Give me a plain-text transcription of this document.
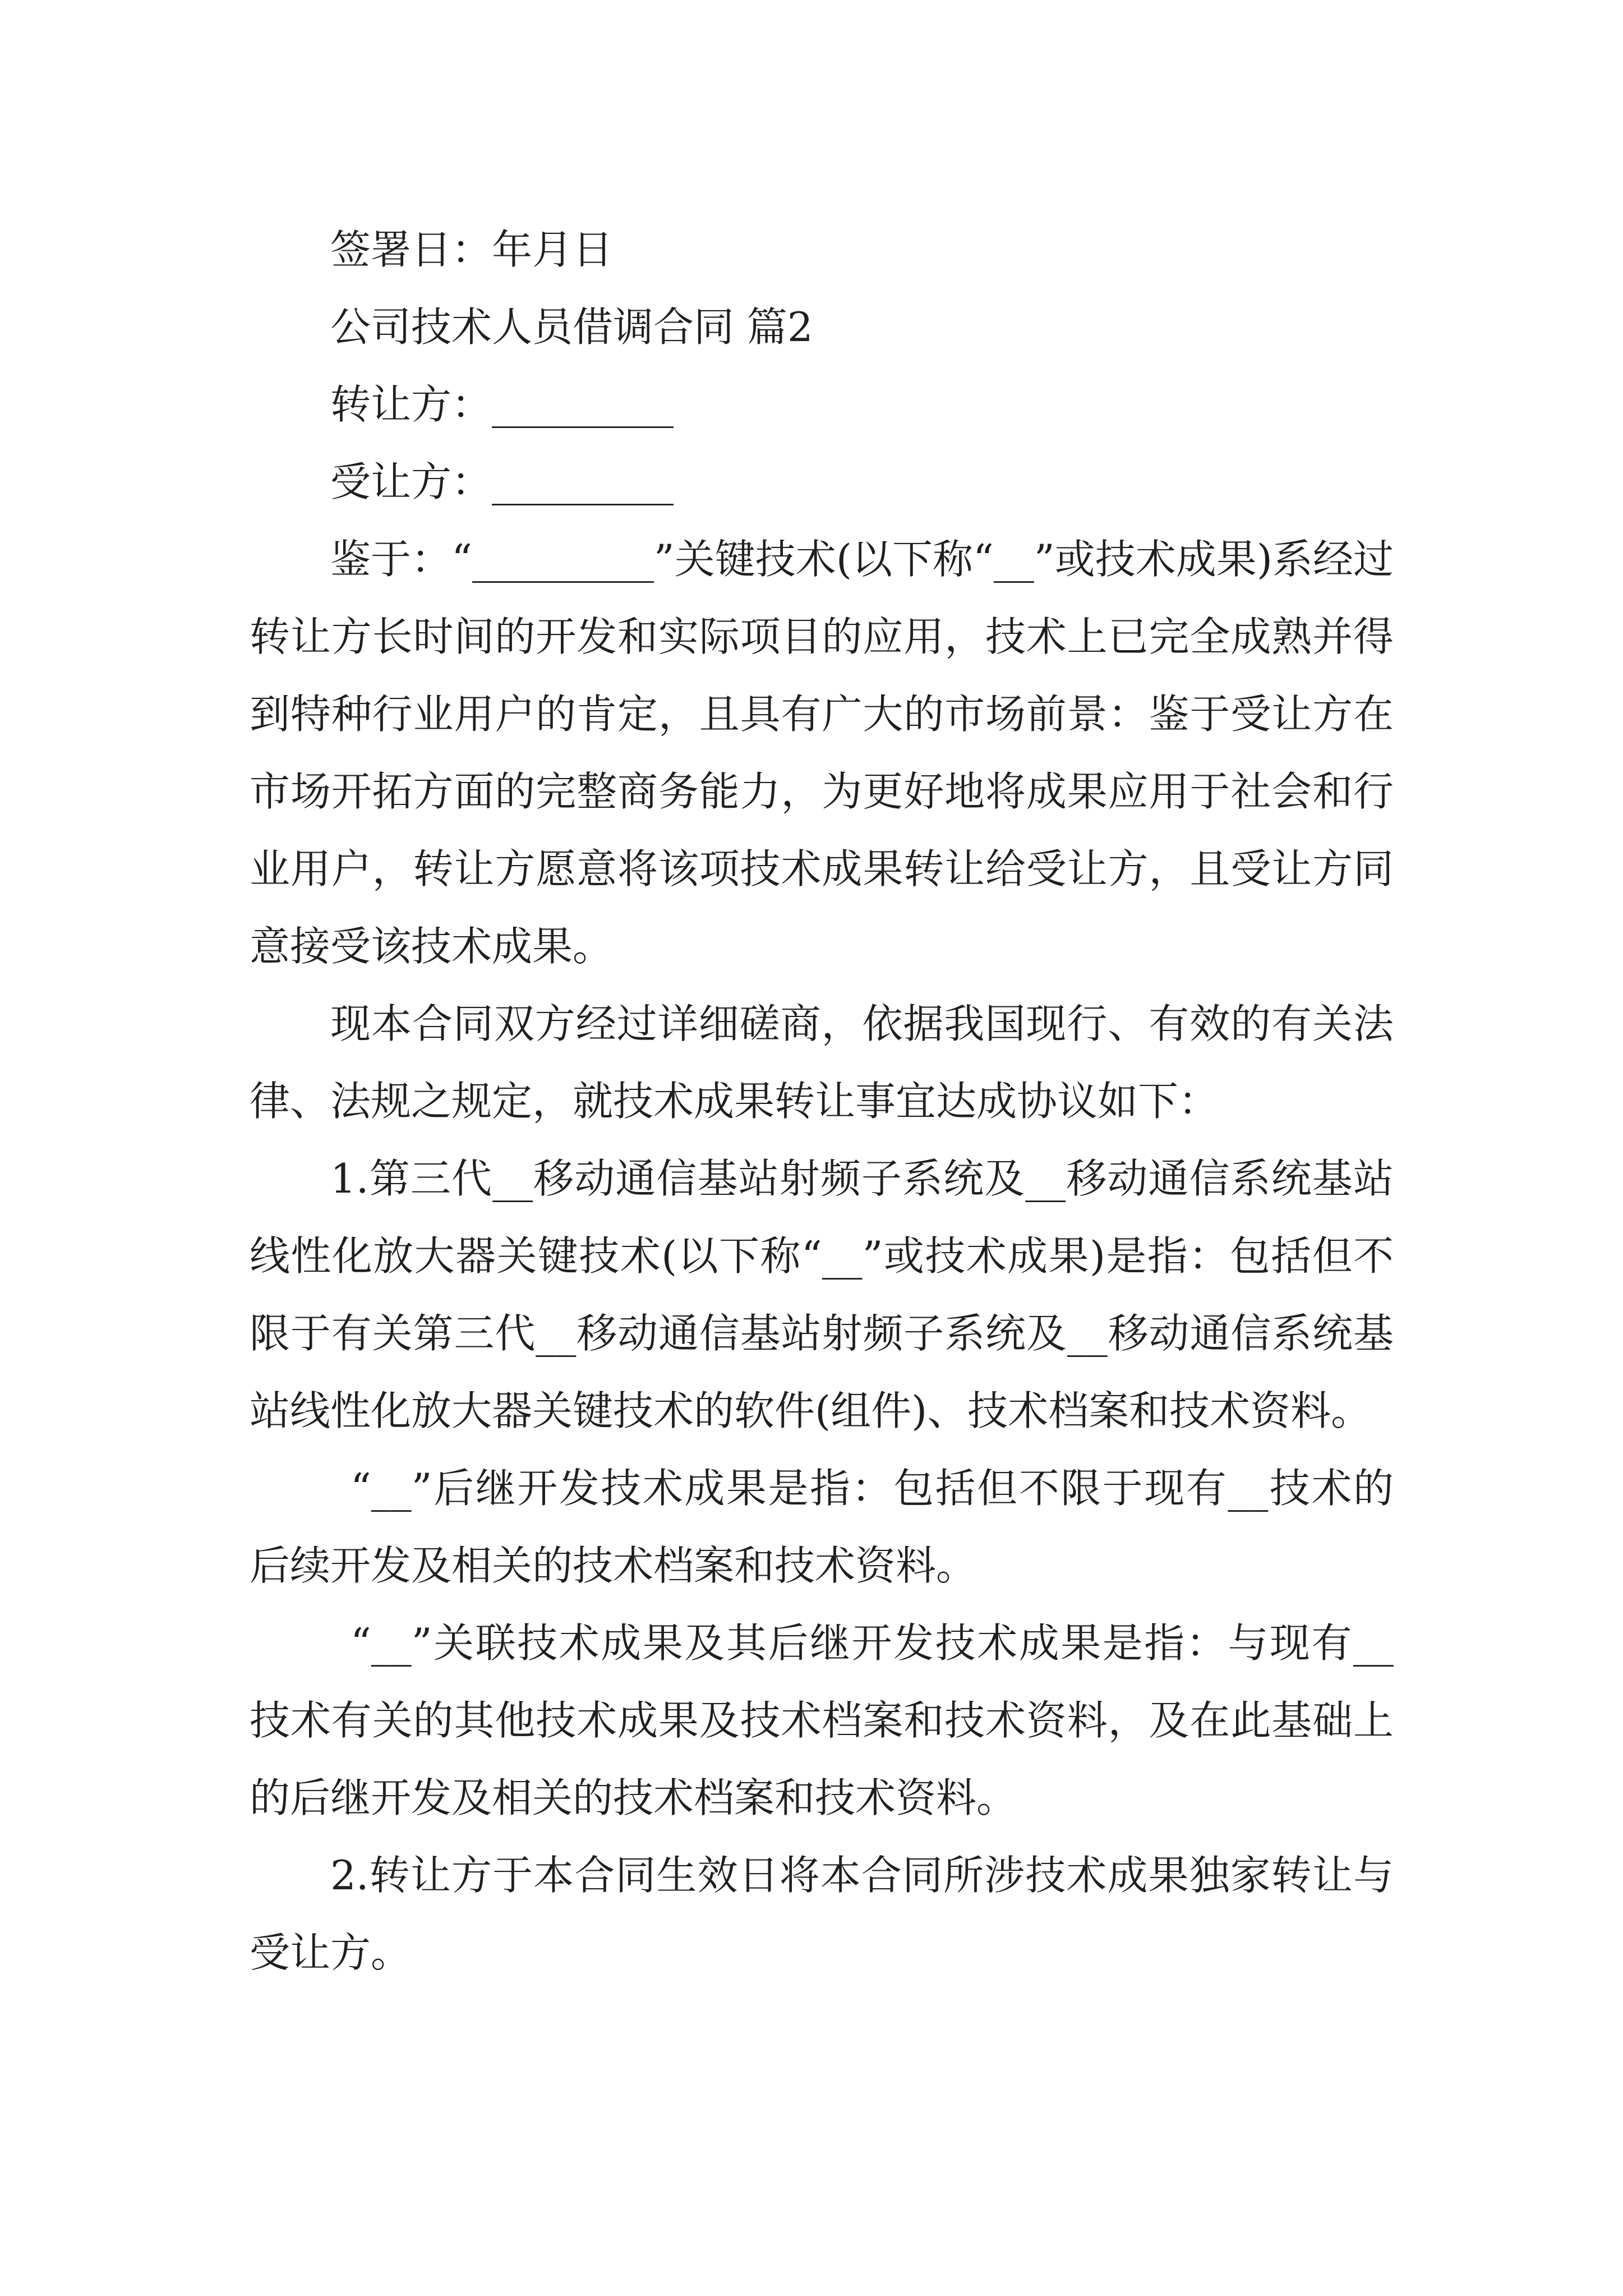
签署日：年月日

公司技术人员借调合同 篇2

转让方：_________

受让方：_________

鉴于：“_________”关键技术(以下称“__”或技术成果)系经过转让方长时间的开发和实际项目的应用，技术上已完全成熟并得到特种行业用户的肯定，且具有广大的市场前景：鉴于受让方在市场开拓方面的完整商务能力，为更好地将成果应用于社会和行业用户，转让方愿意将该项技术成果转让给受让方，且受让方同意接受该技术成果。

现本合同双方经过详细磋商，依据我国现行、有效的有关法律、法规之规定，就技术成果转让事宜达成协议如下：

1.第三代__移动通信基站射频子系统及__移动通信系统基站线性化放大器关键技术(以下称“__”或技术成果)是指：包括但不限于有关第三代__移动通信基站射频子系统及__移动通信系统基站线性化放大器关键技术的软件(组件)、技术档案和技术资料。

“__”后继开发技术成果是指：包括但不限于现有__技术的后续开发及相关的技术档案和技术资料。

“__”关联技术成果及其后继开发技术成果是指：与现有__技术有关的其他技术成果及技术档案和技术资料，及在此基础上的后继开发及相关的技术档案和技术资料。

2.转让方于本合同生效日将本合同所涉技术成果独家转让与受让方。
